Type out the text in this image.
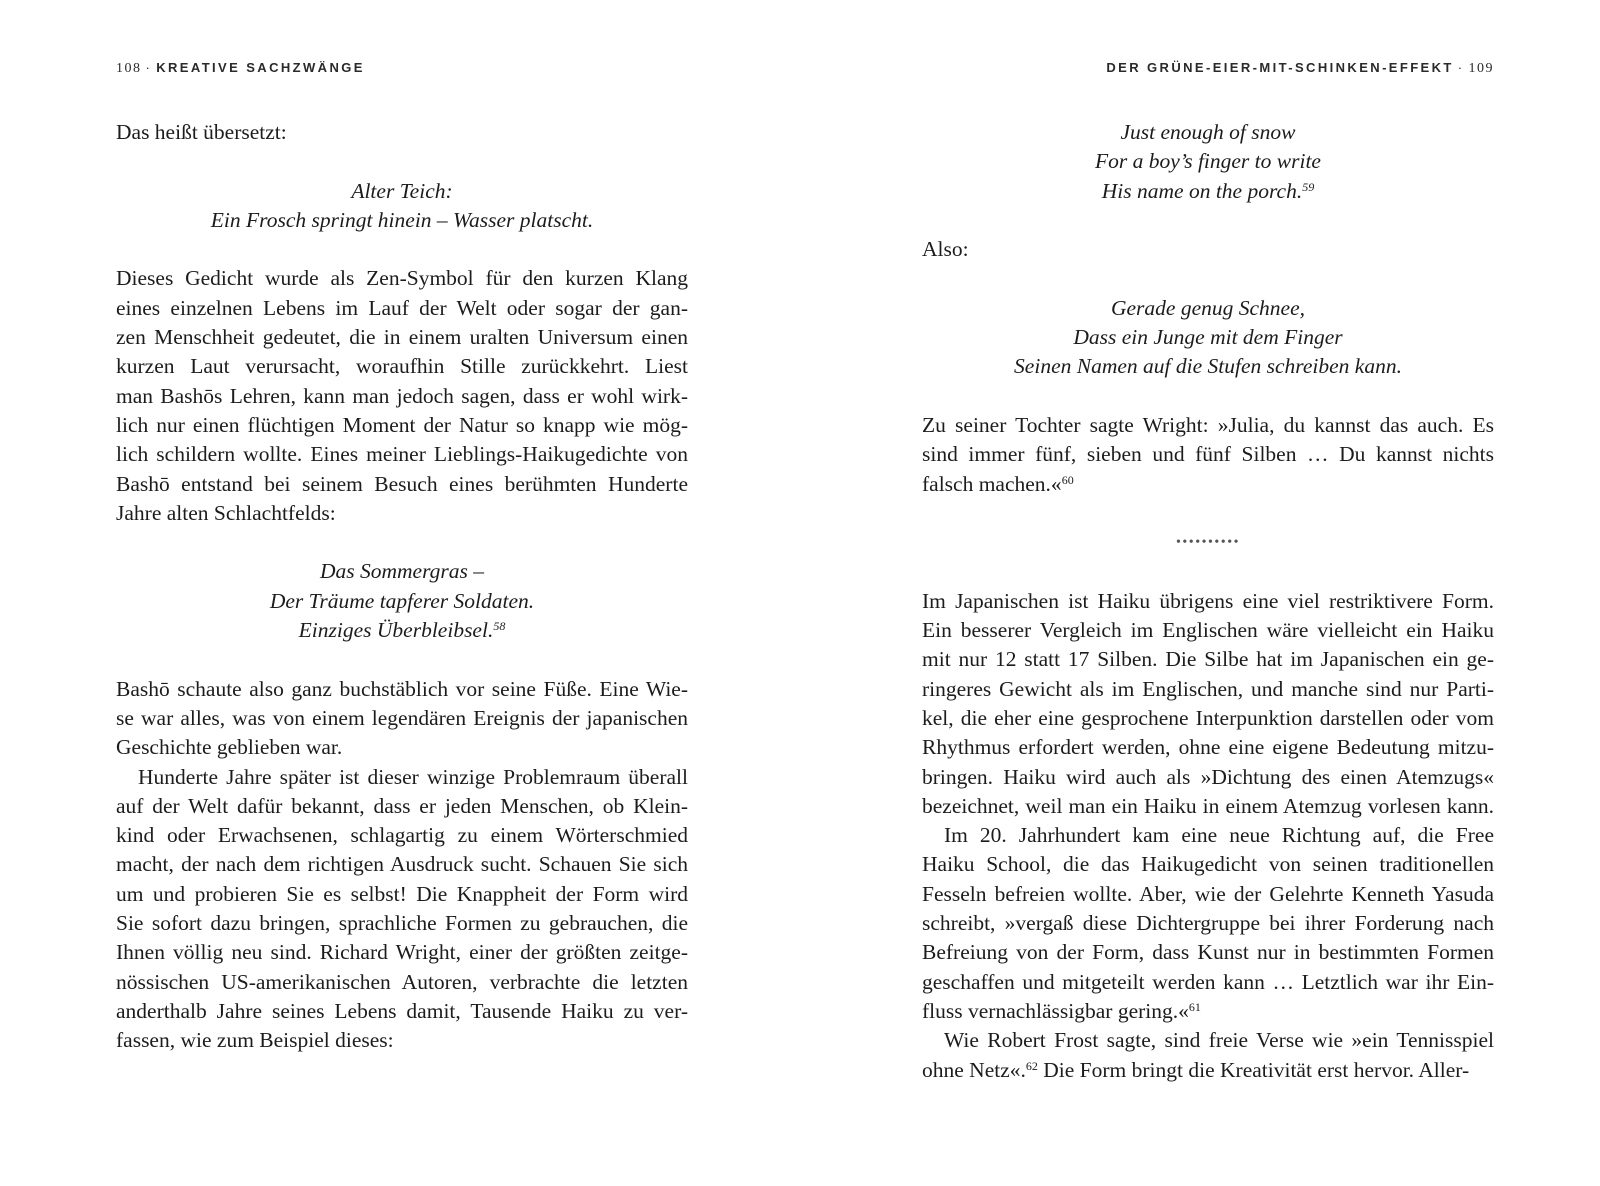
108 · KREATIVE SACHZWÄNGE
Das heißt übersetzt:
Alter Teich:
Ein Frosch springt hinein – Wasser platscht.
Dieses Gedicht wurde als Zen-Symbol für den kurzen Klang
eines einzelnen Lebens im Lauf der Welt oder sogar der gan-
zen Menschheit gedeutet, die in einem uralten Universum einen
kurzen Laut verursacht, woraufhin Stille zurückkehrt. Liest
man Bashōs Lehren, kann man jedoch sagen, dass er wohl wirk-
lich nur einen flüchtigen Moment der Natur so knapp wie mög-
lich schildern wollte. Eines meiner Lieblings-Haikugedichte von
Bashō entstand bei seinem Besuch eines berühmten Hunderte
Jahre alten Schlachtfelds:
Das Sommergras –
Der Träume tapferer Soldaten.
Einziges Überbleibsel.$^{58}$
Bashō schaute also ganz buchstäblich vor seine Füße. Eine Wie-
se war alles, was von einem legendären Ereignis der japanischen
Geschichte geblieben war.
Hunderte Jahre später ist dieser winzige Problemraum überall
auf der Welt dafür bekannt, dass er jeden Menschen, ob Klein-
kind oder Erwachsenen, schlagartig zu einem Wörterschmied
macht, der nach dem richtigen Ausdruck sucht. Schauen Sie sich
um und probieren Sie es selbst! Die Knappheit der Form wird
Sie sofort dazu bringen, sprachliche Formen zu gebrauchen, die
Ihnen völlig neu sind. Richard Wright, einer der größten zeitge-
nössischen US-amerikanischen Autoren, verbrachte die letzten
anderthalb Jahre seines Lebens damit, Tausende Haiku zu ver-
fassen, wie zum Beispiel dieses:
DER GRÜNE-EIER-MIT-SCHINKEN-EFFEKT · 109
Just enough of snow
For a boy’s finger to write
His name on the porch.$^{59}$
Also:
Gerade genug Schnee,
Dass ein Junge mit dem Finger
Seinen Namen auf die Stufen schreiben kann.
Zu seiner Tochter sagte Wright: »Julia, du kannst das auch. Es
sind immer fünf, sieben und fünf Silben … Du kannst nichts
falsch machen.«$^{60}$
••••••••••
Im Japanischen ist Haiku übrigens eine viel restriktivere Form.
Ein besserer Vergleich im Englischen wäre vielleicht ein Haiku
mit nur 12 statt 17 Silben. Die Silbe hat im Japanischen ein ge-
ringeres Gewicht als im Englischen, und manche sind nur Parti-
kel, die eher eine gesprochene Interpunktion darstellen oder vom
Rhythmus erfordert werden, ohne eine eigene Bedeutung mitzu-
bringen. Haiku wird auch als »Dichtung des einen Atemzugs«
bezeichnet, weil man ein Haiku in einem Atemzug vorlesen kann.
Im 20. Jahrhundert kam eine neue Richtung auf, die Free
Haiku School, die das Haikugedicht von seinen traditionellen
Fesseln befreien wollte. Aber, wie der Gelehrte Kenneth Yasuda
schreibt, »vergaß diese Dichtergruppe bei ihrer Forderung nach
Befreiung von der Form, dass Kunst nur in bestimmten Formen
geschaffen und mitgeteilt werden kann … Letztlich war ihr Ein-
fluss vernachlässigbar gering.«$^{61}$
Wie Robert Frost sagte, sind freie Verse wie »ein Tennisspiel
ohne Netz«.$^{62}$ Die Form bringt die Kreativität erst hervor. Aller-
